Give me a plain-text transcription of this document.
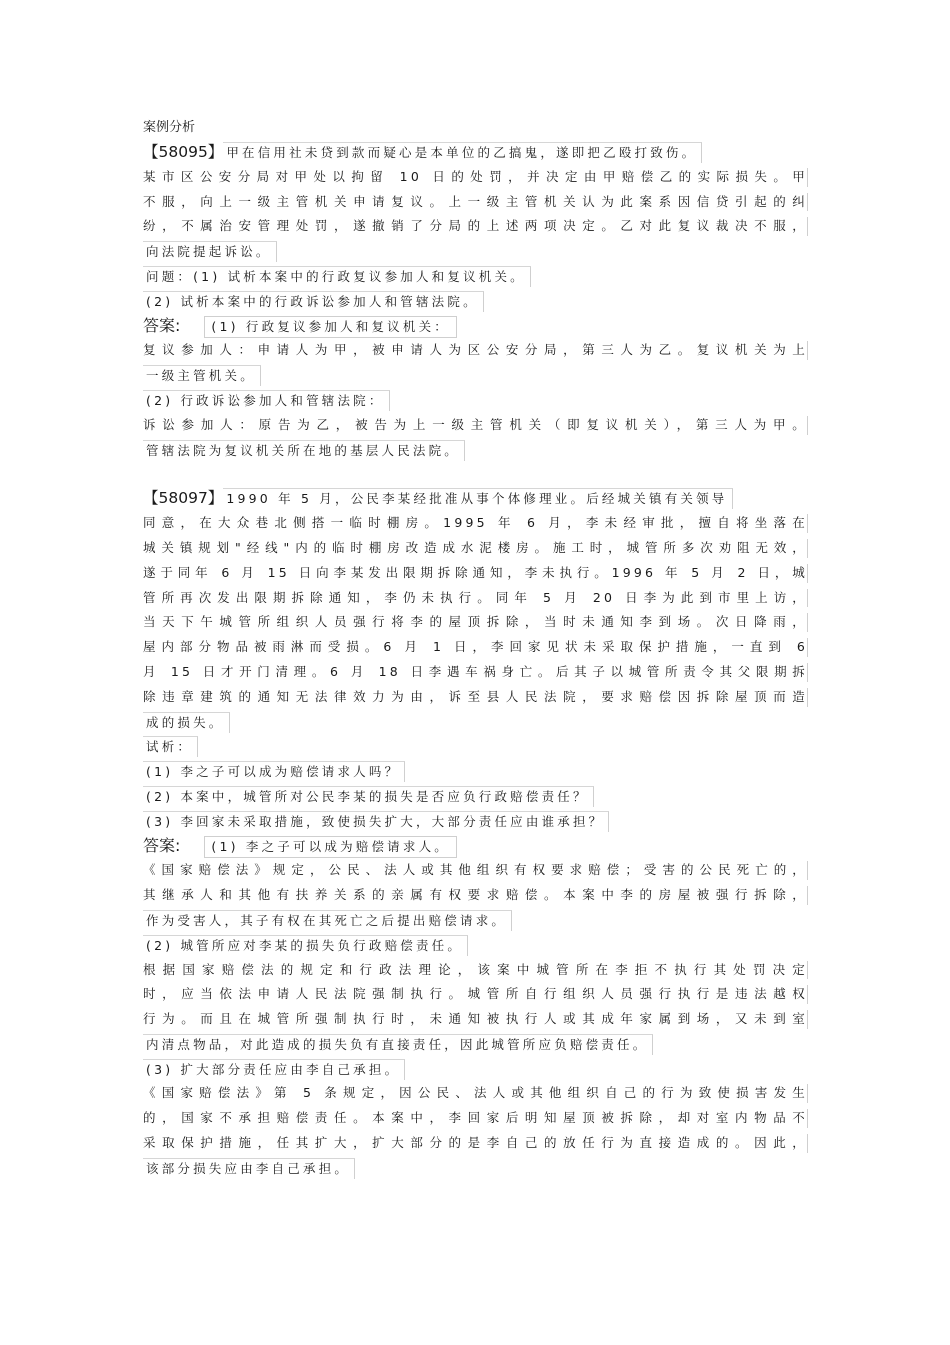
案例分析
【58095】 甲在信用社未贷到款而疑心是本单位的乙搞鬼，遂即把乙殴打致伤。
某市区公安分局对甲处以拘留 10 日的处罚，并决定由甲赔偿乙的实际损失。甲
不服，向上一级主管机关申请复议。上一级主管机关认为此案系因信贷引起的纠
纷，不属治安管理处罚，遂撤销了分局的上述两项决定。乙对此复议裁决不服，
向法院提起诉讼。
问题：(1) 试析本案中的行政复议参加人和复议机关。
(2) 试析本案中的行政诉讼参加人和管辖法院。
答案: (1) 行政复议参加人和复议机关：
复议参加人：申请人为甲，被申请人为区公安分局，第三人为乙。复议机关为上
一级主管机关。
(2) 行政诉讼参加人和管辖法院：
诉讼参加人：原告为乙，被告为上一级主管机关（即复议机关），第三人为甲。
管辖法院为复议机关所在地的基层人民法院。
【58097】 1990 年 5 月，公民李某经批准从事个体修理业。后经城关镇有关领导
同意，在大众巷北侧搭一临时棚房。1995 年 6 月，李未经审批，擅自将坐落在
城关镇规划"经线"内的临时棚房改造成水泥楼房。施工时，城管所多次劝阻无效，
遂于同年 6 月 15 日向李某发出限期拆除通知，李未执行。1996 年 5 月 2 日，城
管所再次发出限期拆除通知，李仍未执行。同年 5 月 20 日李为此到市里上访，
当天下午城管所组织人员强行将李的屋顶拆除，当时未通知李到场。次日降雨，
屋内部分物品被雨淋而受损。6 月 1 日，李回家见状未采取保护措施，一直到 6
月 15 日才开门清理。6 月 18 日李遇车祸身亡。后其子以城管所责令其父限期拆
除违章建筑的通知无法律效力为由，诉至县人民法院，要求赔偿因拆除屋顶而造
成的损失。
试析：
(1) 李之子可以成为赔偿请求人吗？
(2) 本案中，城管所对公民李某的损失是否应负行政赔偿责任？
(3) 李回家未采取措施，致使损失扩大，大部分责任应由谁承担？
答案: (1) 李之子可以成为赔偿请求人。
《国家赔偿法》规定，公民、法人或其他组织有权要求赔偿；受害的公民死亡的，
其继承人和其他有扶养关系的亲属有权要求赔偿。本案中李的房屋被强行拆除，
作为受害人，其子有权在其死亡之后提出赔偿请求。
(2) 城管所应对李某的损失负行政赔偿责任。
根据国家赔偿法的规定和行政法理论，该案中城管所在李拒不执行其处罚决定
时，应当依法申请人民法院强制执行。城管所自行组织人员强行执行是违法越权
行为。而且在城管所强制执行时，未通知被执行人或其成年家属到场，又未到室
内清点物品，对此造成的损失负有直接责任，因此城管所应负赔偿责任。
(3) 扩大部分责任应由李自己承担。
《国家赔偿法》第 5 条规定，因公民、法人或其他组织自己的行为致使损害发生
的，国家不承担赔偿责任。本案中，李回家后明知屋顶被拆除，却对室内物品不
采取保护措施，任其扩大，扩大部分的是李自己的放任行为直接造成的。因此，
该部分损失应由李自己承担。
